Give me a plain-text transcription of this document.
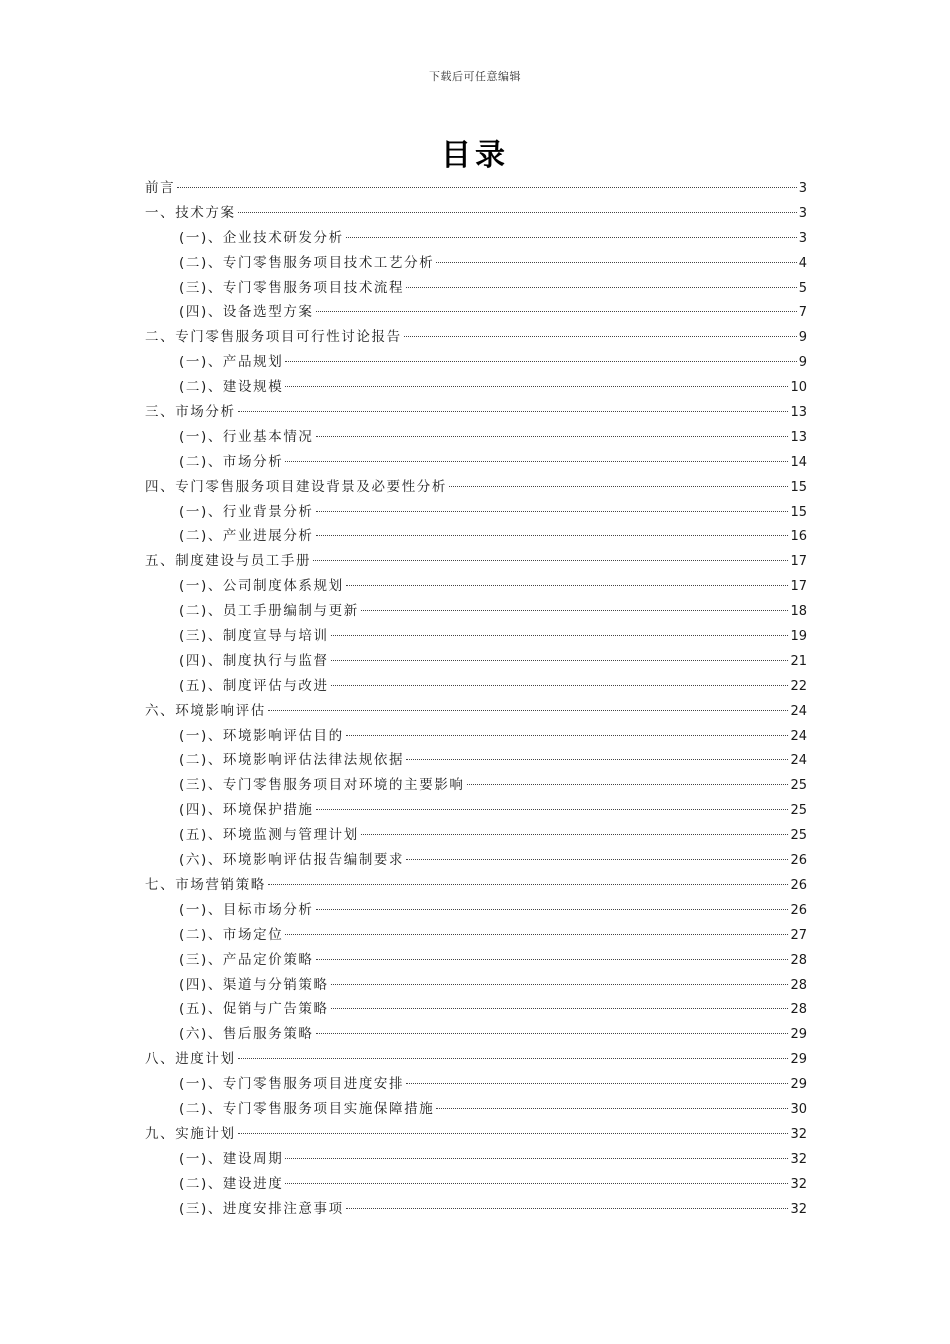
下载后可任意编辑
目录
前言	3
一、技术方案	3
(一)、企业技术研发分析	3
(二)、专门零售服务项目技术工艺分析	4
(三)、专门零售服务项目技术流程	5
(四)、设备选型方案	7
二、专门零售服务项目可行性讨论报告	9
(一)、产品规划	9
(二)、建设规模	10
三、市场分析	13
(一)、行业基本情况	13
(二)、市场分析	14
四、专门零售服务项目建设背景及必要性分析	15
(一)、行业背景分析	15
(二)、产业进展分析	16
五、制度建设与员工手册	17
(一)、公司制度体系规划	17
(二)、员工手册编制与更新	18
(三)、制度宣导与培训	19
(四)、制度执行与监督	21
(五)、制度评估与改进	22
六、环境影响评估	24
(一)、环境影响评估目的	24
(二)、环境影响评估法律法规依据	24
(三)、专门零售服务项目对环境的主要影响	25
(四)、环境保护措施	25
(五)、环境监测与管理计划	25
(六)、环境影响评估报告编制要求	26
七、市场营销策略	26
(一)、目标市场分析	26
(二)、市场定位	27
(三)、产品定价策略	28
(四)、渠道与分销策略	28
(五)、促销与广告策略	28
(六)、售后服务策略	29
八、进度计划	29
(一)、专门零售服务项目进度安排	29
(二)、专门零售服务项目实施保障措施	30
九、实施计划	32
(一)、建设周期	32
(二)、建设进度	32
(三)、进度安排注意事项	32
